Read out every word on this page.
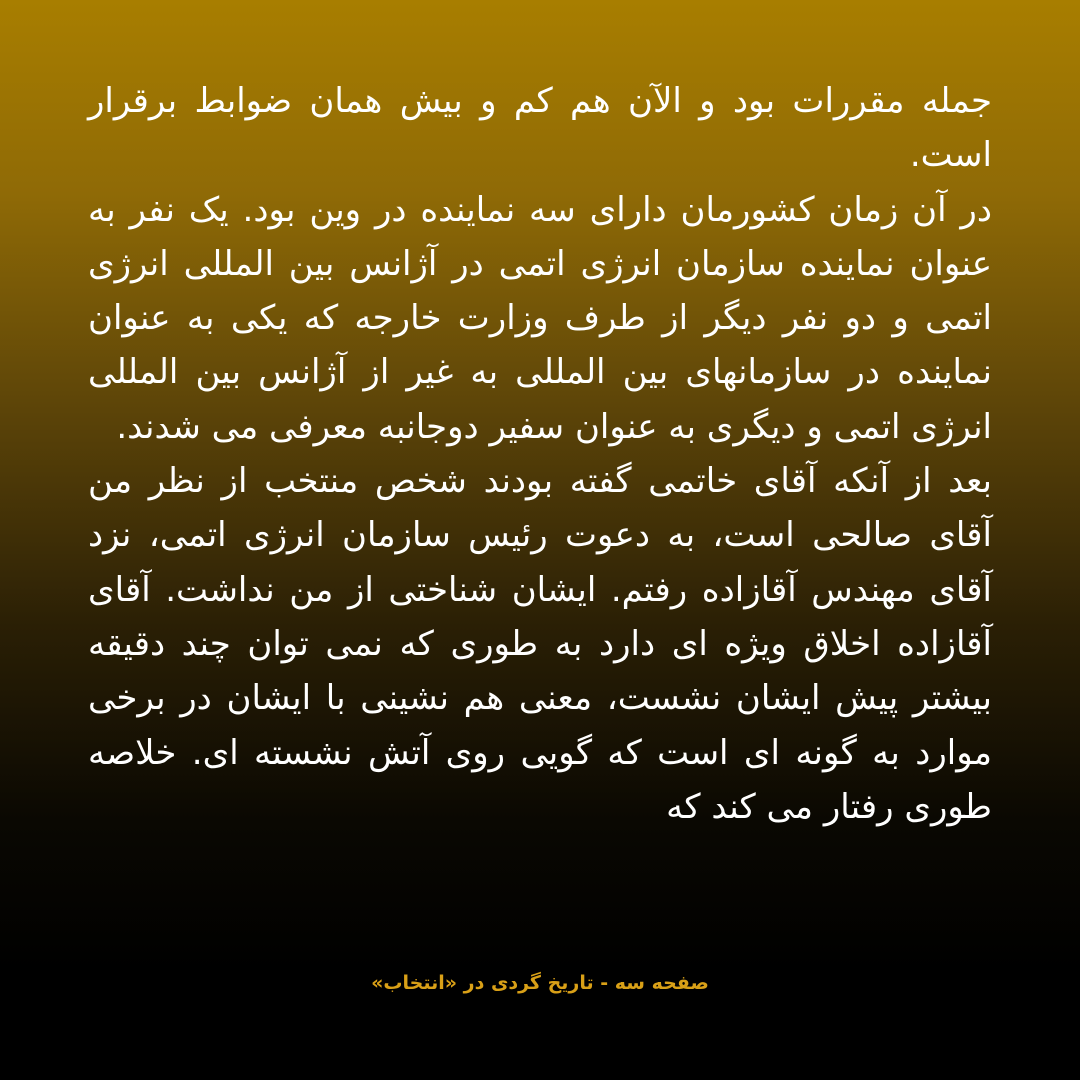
جمله مقررات بود و الآن هم کم و بیش همان ضوابط برقرار است.

در آن زمان کشورمان دارای سه نماینده در وین بود. یک نفر به عنوان نماینده سازمان انرژی اتمی در آژانس بین المللی انرژی اتمی و دو نفر دیگر از طرف وزارت خارجه که یکی به عنوان نماینده در سازمانهای بین المللی به غیر از آژانس بین المللی انرژی اتمی و دیگری به عنوان سفیر دوجانبه معرفی می شدند.

بعد از آنکه آقای خاتمی گفته بودند شخص منتخب از نظر من آقای صالحی است، به دعوت رئیس سازمان انرژی اتمی، نزد آقای مهندس آقازاده رفتم. ایشان شناختی از من نداشت. آقای آقازاده اخلاق ویژه ای دارد به طوری که نمی توان چند دقیقه بیشتر پیش ایشان نشست، معنی هم نشینی با ایشان در برخی موارد به گونه ای است که گویی روی آتش نشسته ای. خلاصه طوری رفتار می کند که

صفحه سه - تاریخ گردی در «انتخاب»
